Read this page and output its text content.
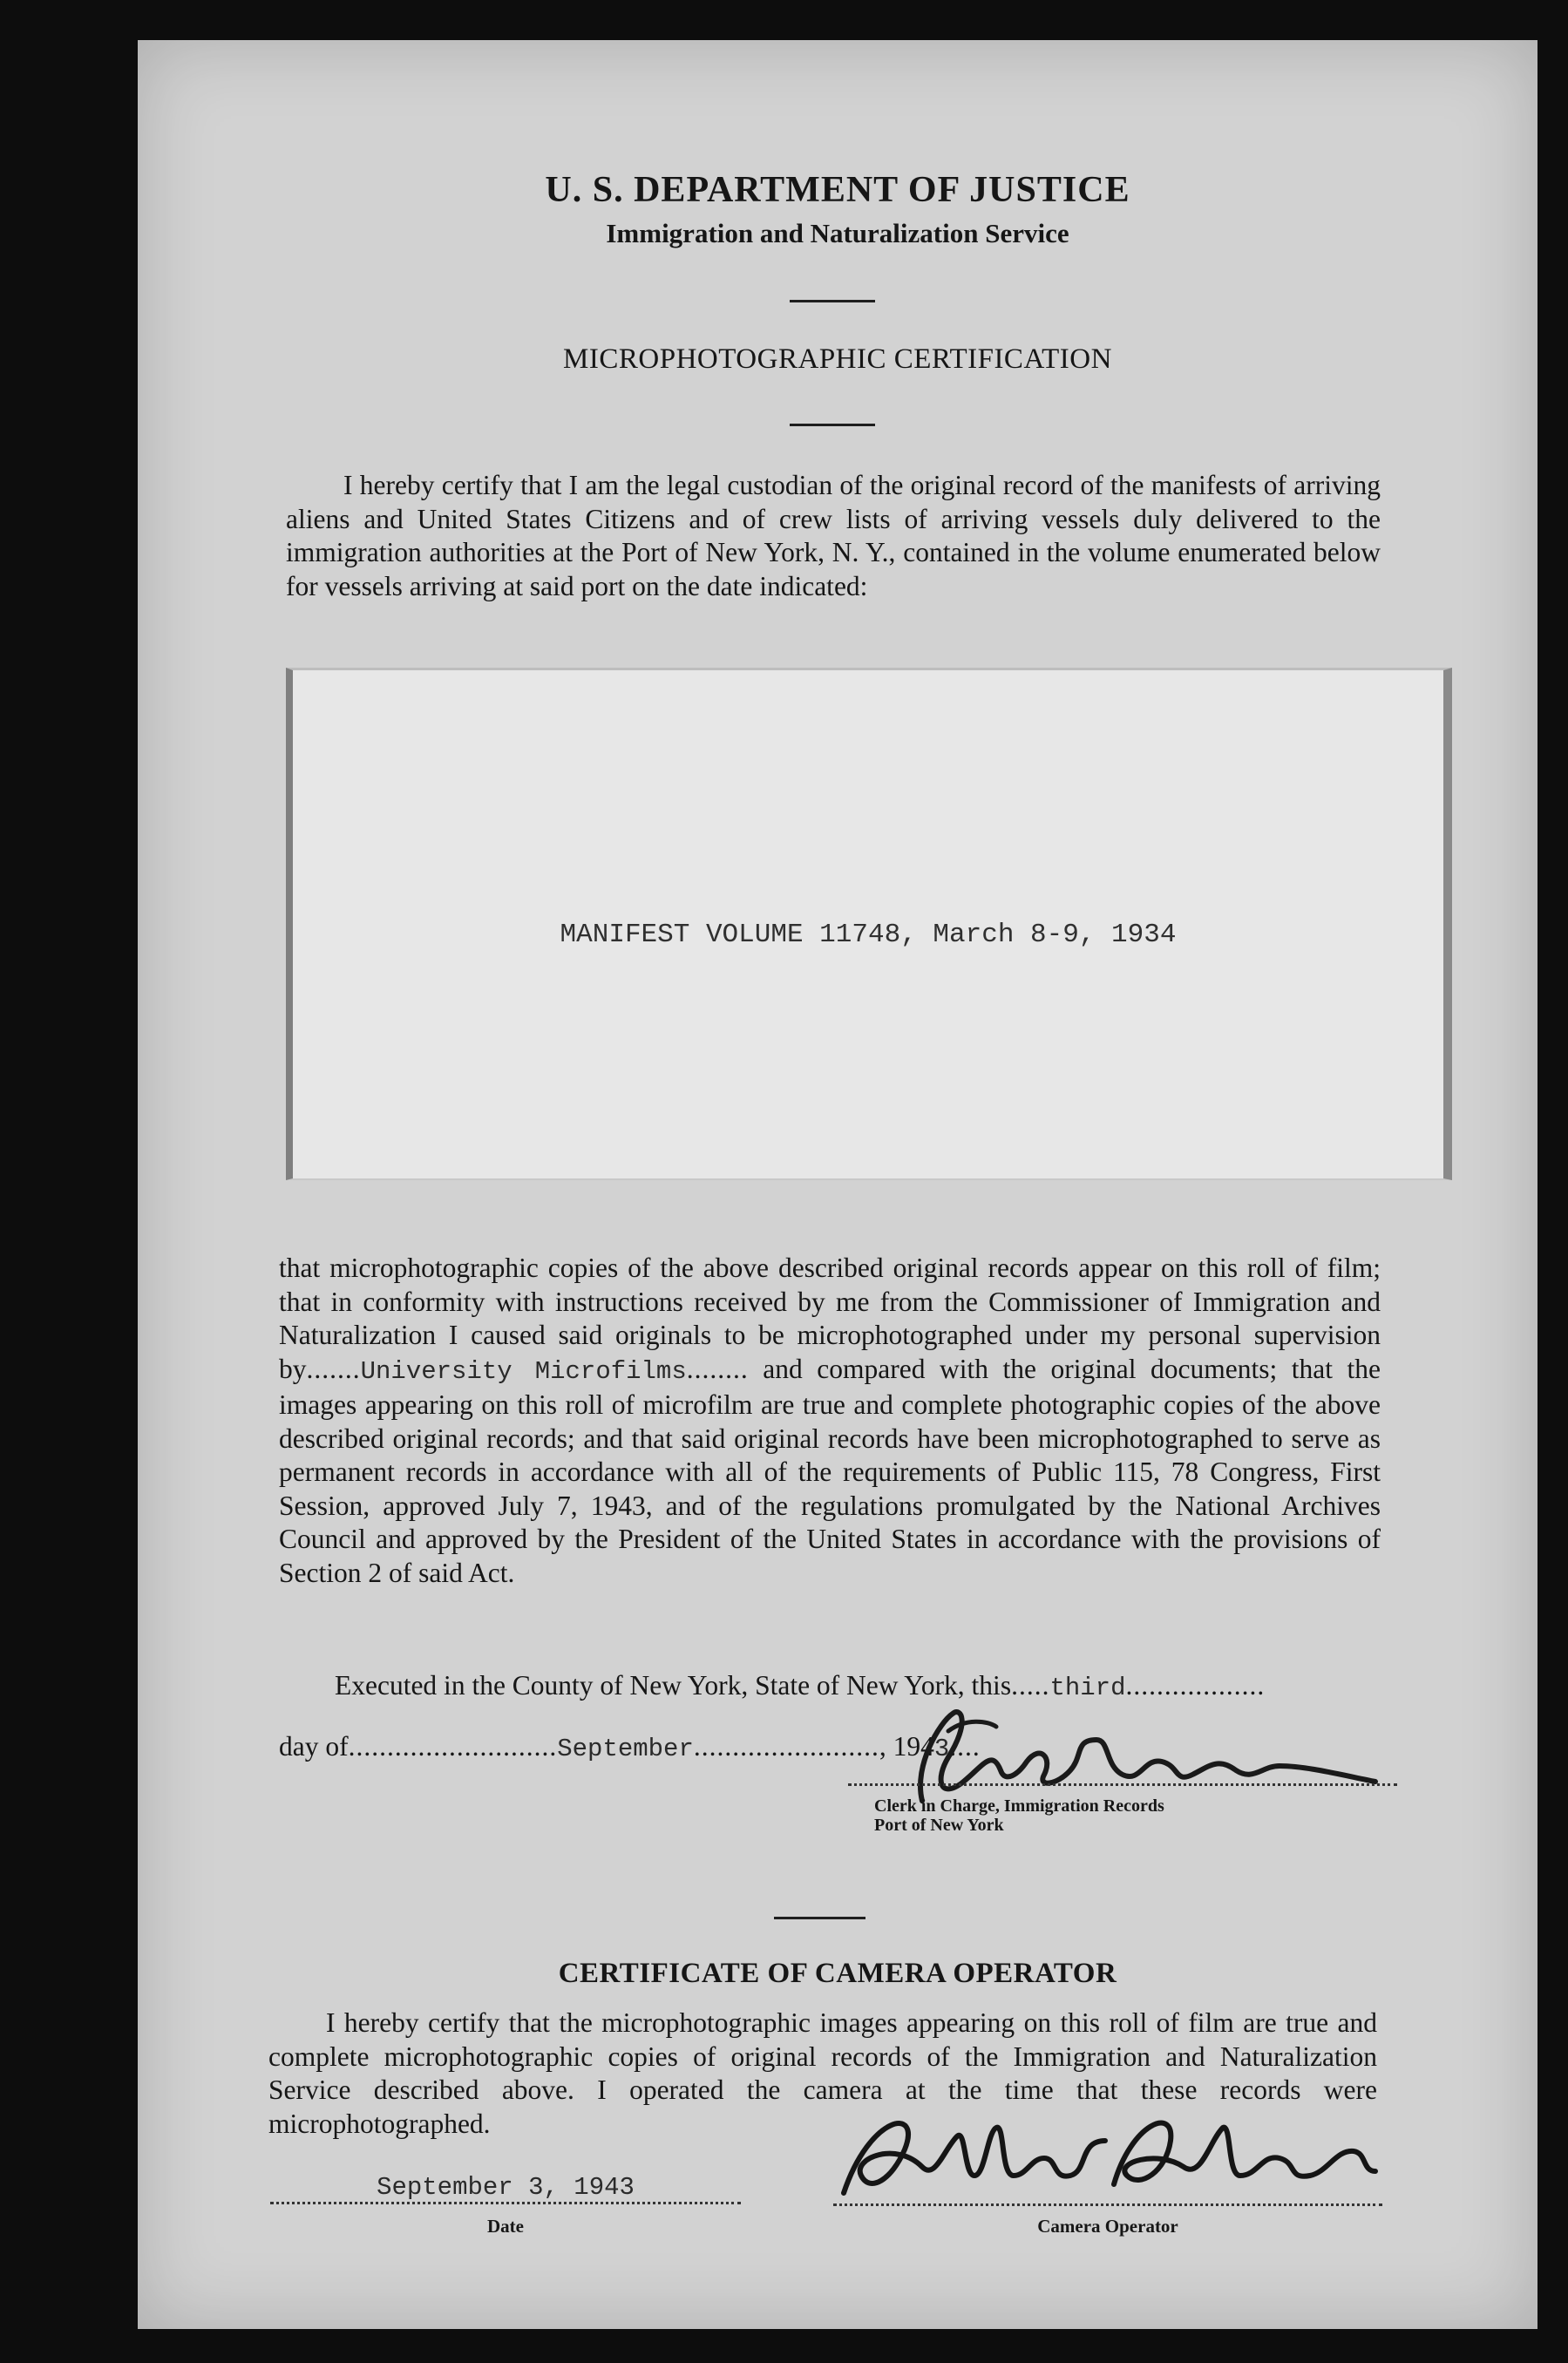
U. S. DEPARTMENT OF JUSTICE
Immigration and Naturalization Service
MICROPHOTOGRAPHIC CERTIFICATION
I hereby certify that I am the legal custodian of the original record of the manifests of arriving aliens and United States Citizens and of crew lists of arriving vessels duly delivered to the immigration authorities at the Port of New York, N. Y., contained in the volume enumerated below for vessels arriving at said port on the date indicated:
MANIFEST VOLUME 11748, March 8-9, 1934
that microphotographic copies of the above described original records appear on this roll of film; that in conformity with instructions received by me from the Commissioner of Immigration and Naturalization I caused said originals to be microphotographed under my personal supervision by.......University Microfilms........ and compared with the original documents; that the images appearing on this roll of microfilm are true and complete photographic copies of the above described original records; and that said original records have been microphotographed to serve as permanent records in accordance with all of the requirements of Public 115, 78 Congress, First Session, approved July 7, 1943, and of the regulations promulgated by the National Archives Council and approved by the President of the United States in accordance with the provisions of Section 2 of said Act.
Executed in the County of New York, State of New York, this.....third..................
day of...........................September........................, 1943....
Clerk in Charge, Immigration Records
Port of New York
CERTIFICATE OF CAMERA OPERATOR
I hereby certify that the microphotographic images appearing on this roll of film are true and complete microphotographic copies of original records of the Immigration and Naturalization Service described above. I operated the camera at the time that these records were microphotographed.
September 3, 1943
Date	Camera Operator
